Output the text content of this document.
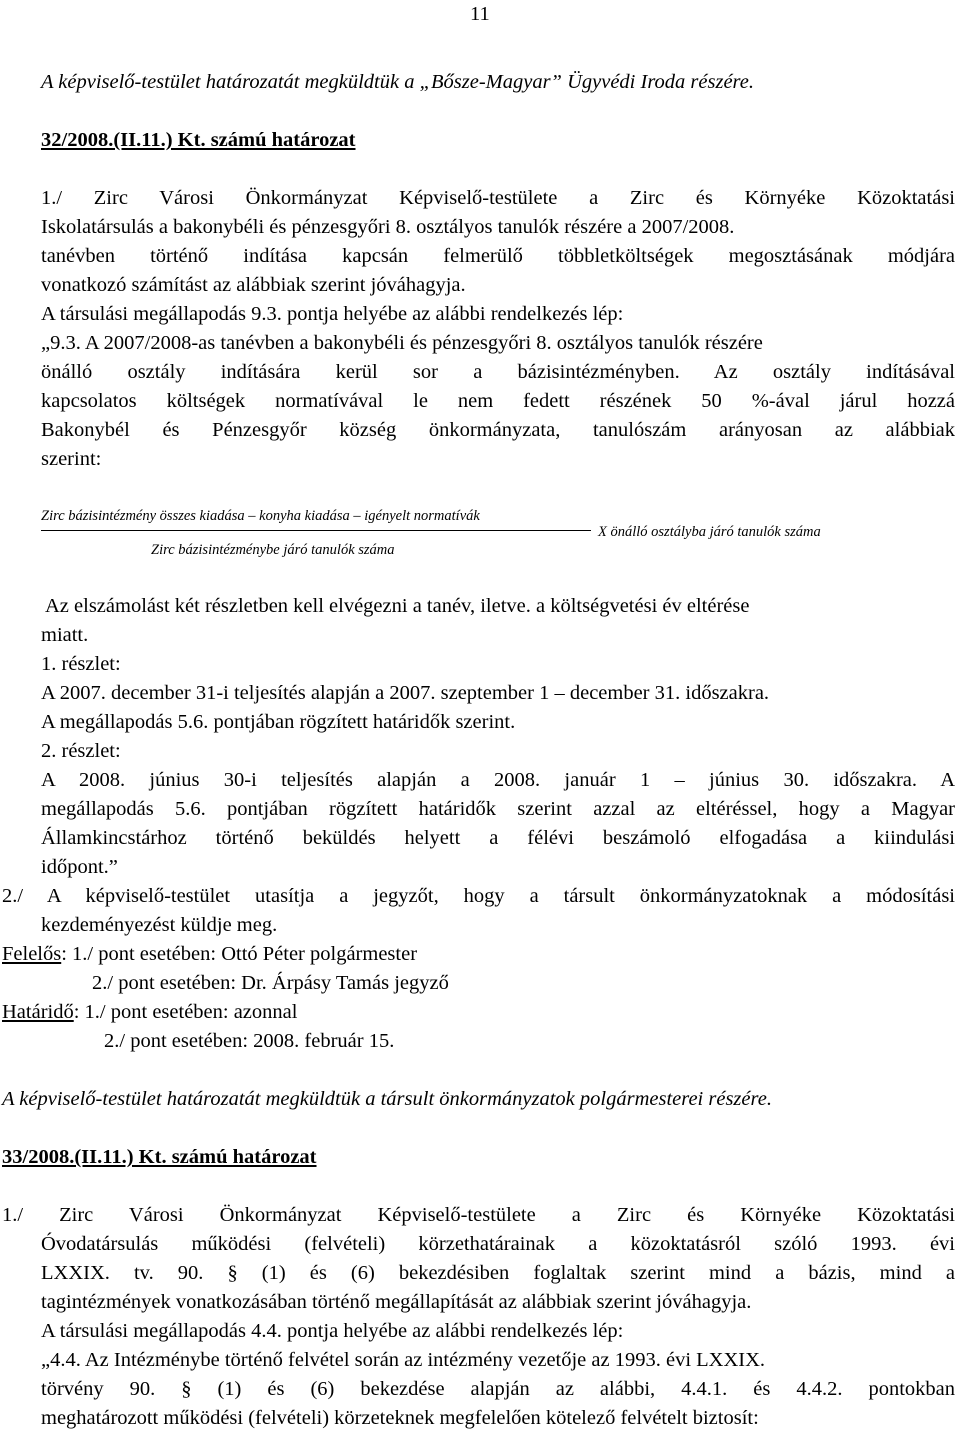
11
A képviselő-testület határozatát megküldtük a „Bősze-Magyar” Ügyvédi Iroda részére.
32/2008.(II.11.) Kt. számú határozat
1./ Zirc Városi Önkormányzat Képviselő-testülete a Zirc és Környéke Közoktatási
Iskolatársulás a bakonybéli és pénzesgyőri 8. osztályos tanulók részére a 2007/2008.
tanévben történő indítása kapcsán felmerülő többletköltségek megosztásának módjára
vonatkozó számítást az alábbiak szerint jóváhagyja.
A társulási megállapodás 9.3. pontja helyébe az alábbi rendelkezés lép:
„9.3. A 2007/2008-as tanévben a bakonybéli és pénzesgyőri 8. osztályos tanulók részére
önálló osztály indítására kerül sor a bázisintézményben. Az osztály indításával
kapcsolatos költségek normatívával le nem fedett részének 50 %-ával járul hozzá
Bakonybél és Pénzesgyőr község önkormányzata, tanulószám arányosan az alábbiak
szerint:
Zirc bázisintézmény összes kiadása – konyha kiadása – igényelt normatívák
Zirc bázisintézménybe járó tanulók száma
X önálló osztályba járó tanulók száma
Az elszámolást két részletben kell elvégezni a tanév, iletve. a költségvetési év eltérése
miatt.
1. részlet:
A 2007. december 31-i teljesítés alapján a 2007. szeptember 1 – december 31. időszakra.
A megállapodás 5.6. pontjában rögzített határidők szerint.
2. részlet:
A 2008. június 30-i teljesítés alapján a 2008. január 1 – június 30. időszakra. A
megállapodás 5.6. pontjában rögzített határidők szerint azzal az eltéréssel, hogy a Magyar
Államkincstárhoz történő beküldés helyett a félévi beszámoló elfogadása a kiindulási
időpont.”
2./ A képviselő-testület utasítja a jegyzőt, hogy a társult önkormányzatoknak a módosítási
kezdeményezést küldje meg.
Felelős: 1./ pont esetében: Ottó Péter polgármester
2./ pont esetében: Dr. Árpásy Tamás jegyző
Határidő: 1./ pont esetében: azonnal
2./ pont esetében: 2008. február 15.
A képviselő-testület határozatát megküldtük a társult önkormányzatok polgármesterei részére.
33/2008.(II.11.) Kt. számú határozat
1./ Zirc Városi Önkormányzat Képviselő-testülete a Zirc és Környéke Közoktatási
Óvodatársulás működési (felvételi) körzethatárainak a közoktatásról szóló 1993. évi
LXXIX. tv. 90. § (1) és (6) bekezdésiben foglaltak szerint mind a bázis, mind a
tagintézmények vonatkozásában történő megállapítását az alábbiak szerint jóváhagyja.
A társulási megállapodás 4.4. pontja helyébe az alábbi rendelkezés lép:
„4.4. Az Intézménybe történő felvétel során az intézmény vezetője az 1993. évi LXXIX.
törvény 90. § (1) és (6) bekezdése alapján az alábbi, 4.4.1. és 4.4.2. pontokban
meghatározott működési (felvételi) körzeteknek megfelelően kötelező felvételt biztosít:
